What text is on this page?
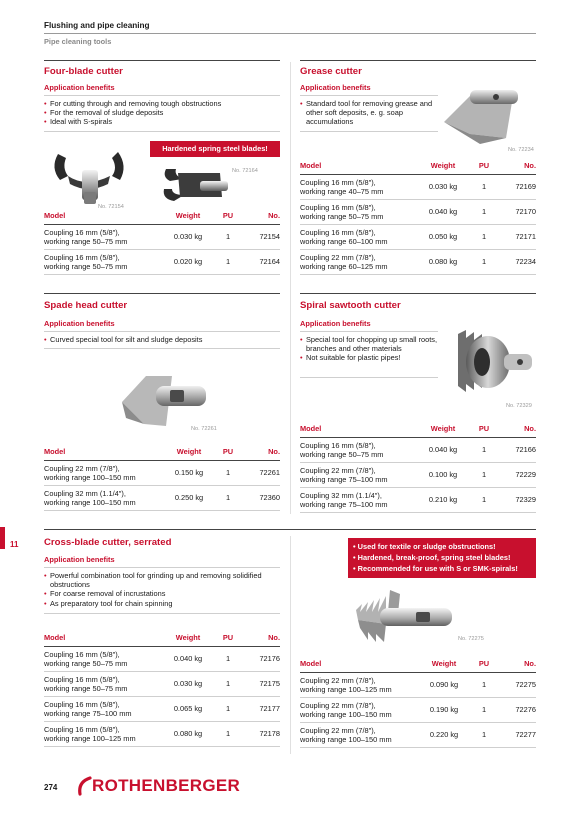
Flushing and pipe cleaning
Pipe cleaning tools
Four-blade cutter
Application benefits
• For cutting through and removing tough obstructions
• For the removal of sludge deposits
• Ideal with S-spirals
Hardened spring steel blades!
No. 72154
No. 72164
Model	Weight	PU	No.
Coupling 16 mm (5/8″),
working range 50–75 mm	0.030 kg	1	72154
Coupling 16 mm (5/8″),
working range 50–75 mm	0.020 kg	1	72164
Grease cutter
Application benefits
• Standard tool for removing grease and other soft deposits, e. g. soap accumulations
No. 72234
Model	Weight	PU	No.
Coupling 16 mm (5/8″),
working range 40–75 mm	0.030 kg	1	72169
Coupling 16 mm (5/8″),
working range 50–75 mm	0.040 kg	1	72170
Coupling 16 mm (5/8″),
working range 60–100 mm	0.050 kg	1	72171
Coupling 22 mm (7/8″),
working range 60–125 mm	0.080 kg	1	72234
Spade head cutter
Application benefits
• Curved special tool for silt and sludge deposits
No. 72261
Model	Weight	PU	No.
Coupling 22 mm (7/8″),
working range 100–150 mm	0.150 kg	1	72261
Coupling 32 mm (1.1/4″),
working range 100–150 mm	0.250 kg	1	72360
Spiral sawtooth cutter
Application benefits
• Special tool for chopping up small roots, branches and other materials
• Not suitable for plastic pipes!
No. 72329
Model	Weight	PU	No.
Coupling 16 mm (5/8″),
working range 50–75 mm	0.040 kg	1	72166
Coupling 22 mm (7/8″),
working range 75–100 mm	0.100 kg	1	72229
Coupling 32 mm (1.1/4″),
working range 75–100 mm	0.210 kg	1	72329
11	Cross-blade cutter, serrated
Application benefits
• Powerful combination tool for grinding up and removing solidified obstructions
• For coarse removal of incrustations
• As preparatory tool for chain spinning
• Used for textile or sludge obstructions!
• Hardened, break-proof, spring steel blades!
• Recommended for use with S or SMK-spirals!
No. 72275
Model	Weight	PU	No.
Coupling 16 mm (5/8″),
working range 50–75 mm	0.040 kg	1	72176
Coupling 16 mm (5/8″),
working range 50–75 mm	0.030 kg	1	72175
Coupling 16 mm (5/8″),
working range 75–100 mm	0.065 kg	1	72177
Coupling 16 mm (5/8″),
working range 100–125 mm	0.080 kg	1	72178
Model	Weight	PU	No.
Coupling 22 mm (7/8″),
working range 100–125 mm	0.090 kg	1	72275
Coupling 22 mm (7/8″),
working range 100–150 mm	0.190 kg	1	72276
Coupling 22 mm (7/8″),
working range 100–150 mm	0.220 kg	1	72277
274 ROTHENBERGER
